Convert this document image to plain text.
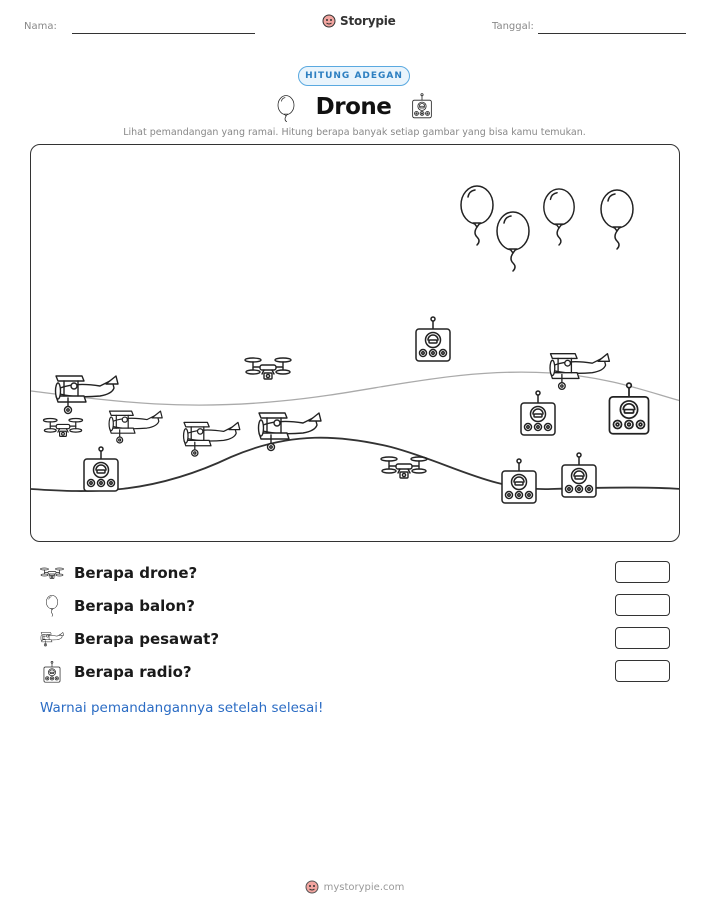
Nama:	Storypie	Tanggal:
HITUNG ADEGAN
Drone
Lihat pemandangan yang ramai. Hitung berapa banyak setiap gambar yang bisa kamu temukan.
Berapa drone?
Berapa balon?
Berapa pesawat?
Berapa radio?
Warnai pemandangannya setelah selesai!
mystorypie.com
